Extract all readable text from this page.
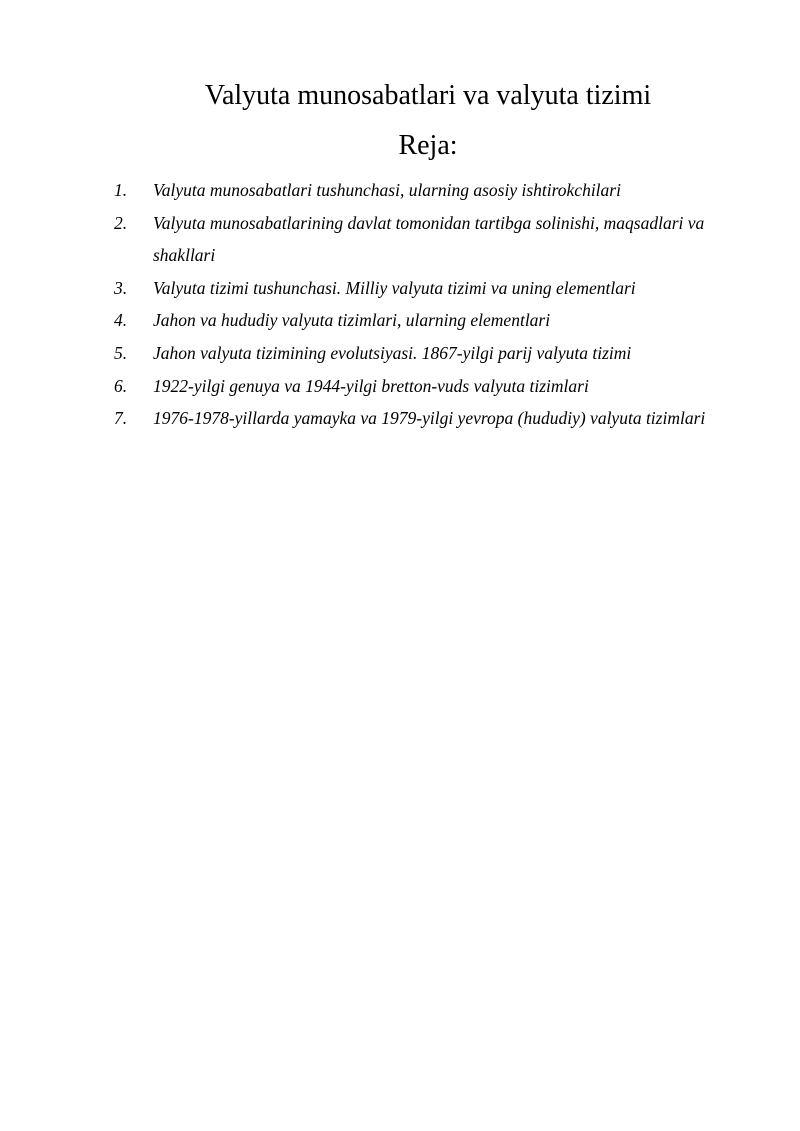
Valyuta munosabatlari va valyuta tizimi
Reja:
1.	Valyuta munosabatlari tushunchasi, ularning asosiy ishtirokchilari
2.	Valyuta munosabatlarining davlat tomonidan tartibga solinishi, maqsadlari va shakllari
3.	Valyuta tizimi tushunchasi. Milliy valyuta tizimi va uning elementlari
4.	Jahon va hududiy valyuta tizimlari, ularning elementlari
5.	Jahon valyuta tizimining evolutsiyasi. 1867-yilgi parij valyuta tizimi
6.	1922-yilgi genuya va 1944-yilgi bretton-vuds valyuta tizimlari
7.	1976-1978-yillarda yamayka va 1979-yilgi yevropa (hududiy) valyuta tizimlari
